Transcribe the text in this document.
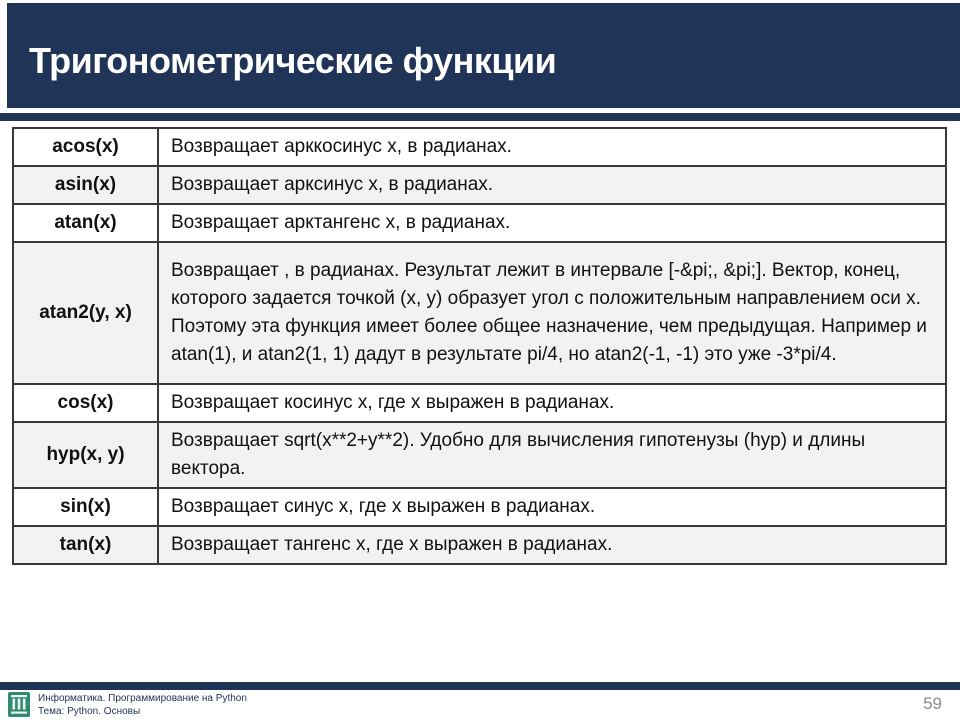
Тригонометрические функции
acos(x)	Возвращает арккосинус x, в радианах.
asin(x)	Возвращает арксинус x, в радианах.
atan(x)	Возвращает арктангенс x, в радианах.
atan2(y, x)	Возвращает , в радианах. Результат лежит в интервале [-&pi;, &pi;]. Вектор, конец, которого задается точкой (x, y) образует угол с положительным направлением оси x. Поэтому эта функция имеет более общее назначение, чем предыдущая. Например и atan(1), и atan2(1, 1) дадут в результате pi/4, но atan2(-1, -1) это уже -3*pi/4.
cos(x)	Возвращает косинус x, где x выражен в радианах.
hyp(x, y)	Возвращает sqrt(x**2+y**2). Удобно для вычисления гипотенузы (hyp) и длины вектора.
sin(x)	Возвращает синус x, где x выражен в радианах.
tan(x)	Возвращает тангенс x, где x выражен в радианах.
Информатика. Программирование на Python
Тема: Python. Основы	59
